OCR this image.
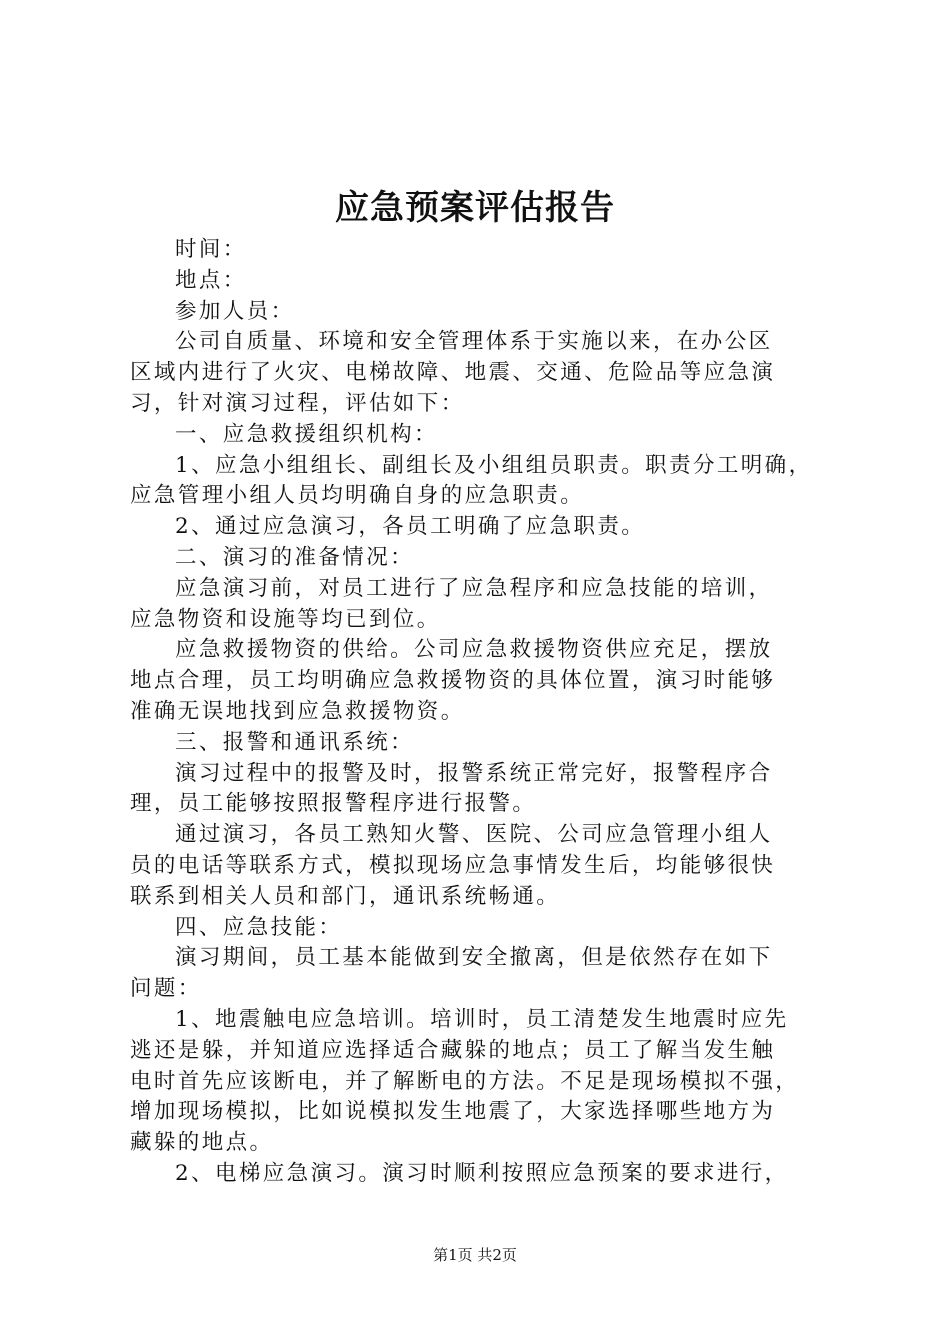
应急预案评估报告
时间：
地点：
参加人员：
公司自质量、环境和安全管理体系于实施以来，在办公区
区域内进行了火灾、电梯故障、地震、交通、危险品等应急演
习，针对演习过程，评估如下：
一、应急救援组织机构：
1、应急小组组长、副组长及小组组员职责。职责分工明确，
应急管理小组人员均明确自身的应急职责。
2、通过应急演习，各员工明确了应急职责。
二、演习的准备情况：
应急演习前，对员工进行了应急程序和应急技能的培训，
应急物资和设施等均已到位。
应急救援物资的供给。公司应急救援物资供应充足，摆放
地点合理，员工均明确应急救援物资的具体位置，演习时能够
准确无误地找到应急救援物资。
三、报警和通讯系统：
演习过程中的报警及时，报警系统正常完好，报警程序合
理，员工能够按照报警程序进行报警。
通过演习，各员工熟知火警、医院、公司应急管理小组人
员的电话等联系方式，模拟现场应急事情发生后，均能够很快
联系到相关人员和部门，通讯系统畅通。
四、应急技能：
演习期间，员工基本能做到安全撤离，但是依然存在如下
问题：
1、地震触电应急培训。培训时，员工清楚发生地震时应先
逃还是躲，并知道应选择适合藏躲的地点；员工了解当发生触
电时首先应该断电，并了解断电的方法。不足是现场模拟不强，
增加现场模拟，比如说模拟发生地震了，大家选择哪些地方为
藏躲的地点。
2、电梯应急演习。演习时顺利按照应急预案的要求进行，
第1页 共2页
